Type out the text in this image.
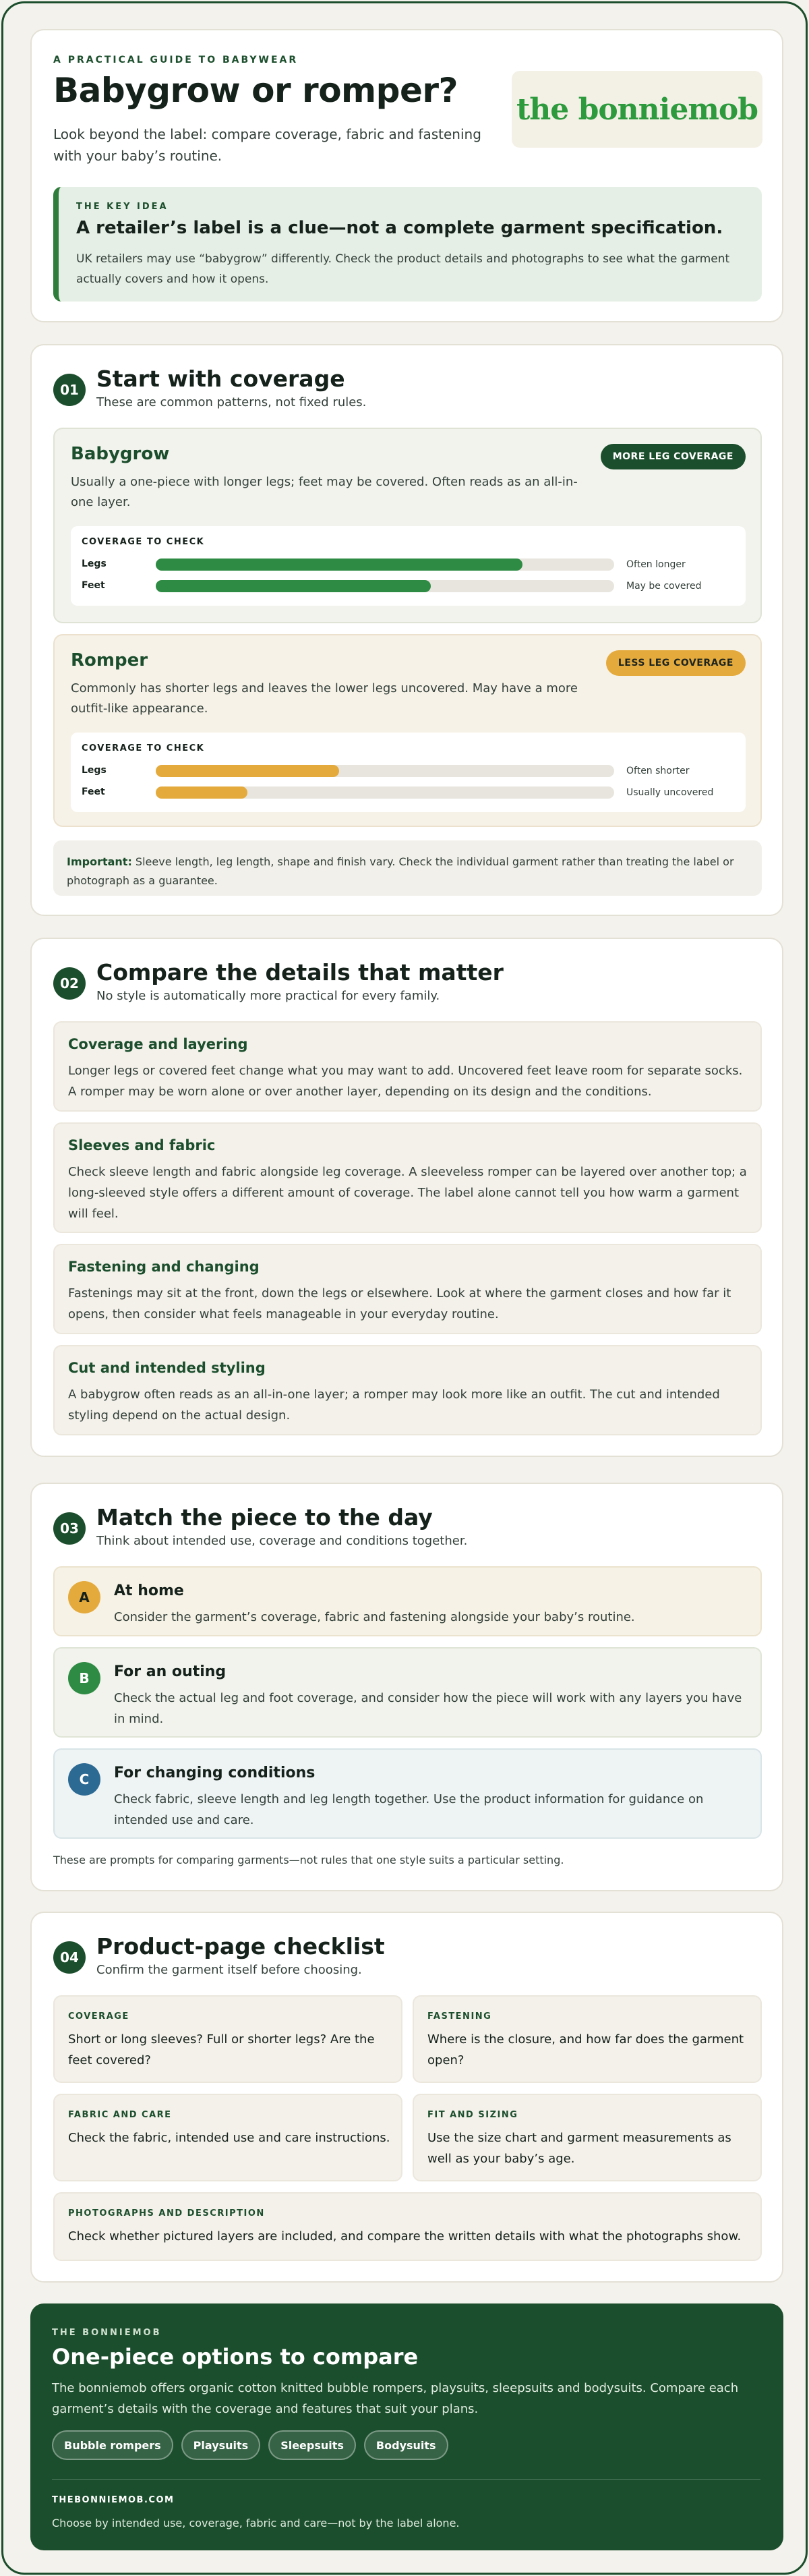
A PRACTICAL GUIDE TO BABYWEAR
Babygrow or romper?

Look beyond the label: compare coverage, fabric and fastening with your baby’s routine.

the bonniemob
THE KEY IDEA
A retailer’s label is a clue—not a complete garment specification.

UK retailers may use “babygrow” differently. Check the product details and photographs to see what the garment actually covers and how it opens.

01 Start with coverage

These are common patterns, not fixed rules.

Babygrow	MORE LEG COVERAGE

Usually a one-piece with longer legs; feet may be covered. Often reads as an all-in-one layer.

COVERAGE TO CHECK
Legs	Often longer
Feet	May be covered
Romper	LESS LEG COVERAGE

Commonly has shorter legs and leaves the lower legs uncovered. May have a more outfit-like appearance.

COVERAGE TO CHECK
Legs	Often shorter
Feet	Usually uncovered

Important: Sleeve length, leg length, shape and finish vary. Check the individual garment rather than treating the label or photograph as a guarantee.

02 Compare the details that matter

No style is automatically more practical for every family.

Coverage and layering

Longer legs or covered feet change what you may want to add. Uncovered feet leave room for separate socks. A romper may be worn alone or over another layer, depending on its design and the conditions.

Sleeves and fabric

Check sleeve length and fabric alongside leg coverage. A sleeveless romper can be layered over another top; a long-sleeved style offers a different amount of coverage. The label alone cannot tell you how warm a garment will feel.

Fastening and changing

Fastenings may sit at the front, down the legs or elsewhere. Look at where the garment closes and how far it opens, then consider what feels manageable in your everyday routine.

Cut and intended styling

A babygrow often reads as an all-in-one layer; a romper may look more like an outfit. The cut and intended styling depend on the actual design.

03 Match the piece to the day

Think about intended use, coverage and conditions together.

A	At home

Consider the garment’s coverage, fabric and fastening alongside your baby’s routine.

B	For an outing

Check the actual leg and foot coverage, and consider how the piece will work with any layers you have in mind.

C	For changing conditions

Check fabric, sleeve length and leg length together. Use the product information for guidance on intended use and care.

These are prompts for comparing garments—not rules that one style suits a particular setting.

04 Product-page checklist

Confirm the garment itself before choosing.

COVERAGE

Short or long sleeves? Full or shorter legs? Are the feet covered?

FASTENING

Where is the closure, and how far does the garment open?

FABRIC AND CARE

Check the fabric, intended use and care instructions.

FIT AND SIZING

Use the size chart and garment measurements as well as your baby’s age.

PHOTOGRAPHS AND DESCRIPTION

Check whether pictured layers are included, and compare the written details with what the photographs show.

THE BONNIEMOB
One-piece options to compare

The bonniemob offers organic cotton knitted bubble rompers, playsuits, sleepsuits and bodysuits. Compare each garment’s details with the coverage and features that suit your plans.

Bubble rompers	Playsuits	Sleepsuits	Bodysuits
THEBONNIEMOB.COM

Choose by intended use, coverage, fabric and care—not by the label alone.
